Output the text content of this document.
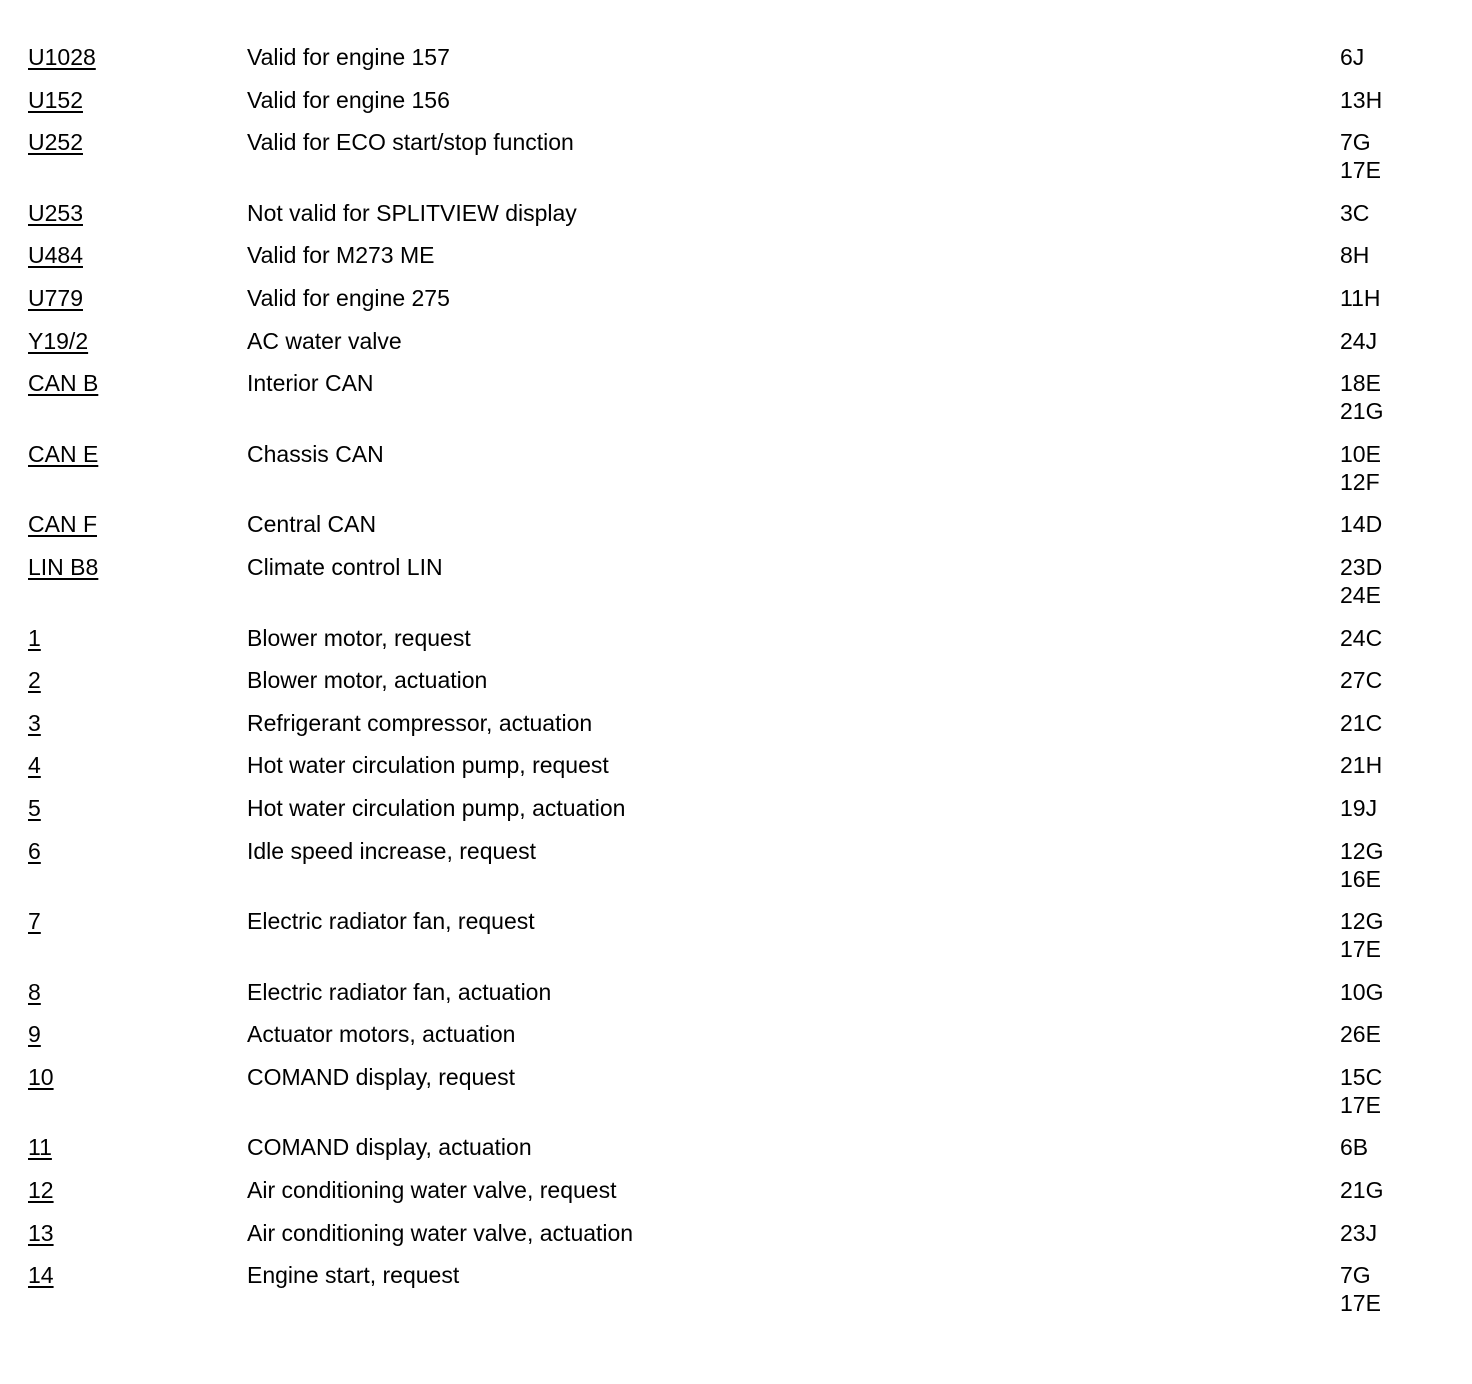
U1028	Valid for engine 157	6J
U152	Valid for engine 156	13H
U252	Valid for ECO start/stop function	7G
17E
U253	Not valid for SPLITVIEW display	3C
U484	Valid for M273 ME	8H
U779	Valid for engine 275	11H
Y19/2	AC water valve	24J
CAN B	Interior CAN	18E
21G
CAN E	Chassis CAN	10E
12F
CAN F	Central CAN	14D
LIN B8	Climate control LIN	23D
24E
1	Blower motor, request	24C
2	Blower motor, actuation	27C
3	Refrigerant compressor, actuation	21C
4	Hot water circulation pump, request	21H
5	Hot water circulation pump, actuation	19J
6	Idle speed increase, request	12G
16E
7	Electric radiator fan, request	12G
17E
8	Electric radiator fan, actuation	10G
9	Actuator motors, actuation	26E
10	COMAND display, request	15C
17E
11	COMAND display, actuation	6B
12	Air conditioning water valve, request	21G
13	Air conditioning water valve, actuation	23J
14	Engine start, request	7G
17E
